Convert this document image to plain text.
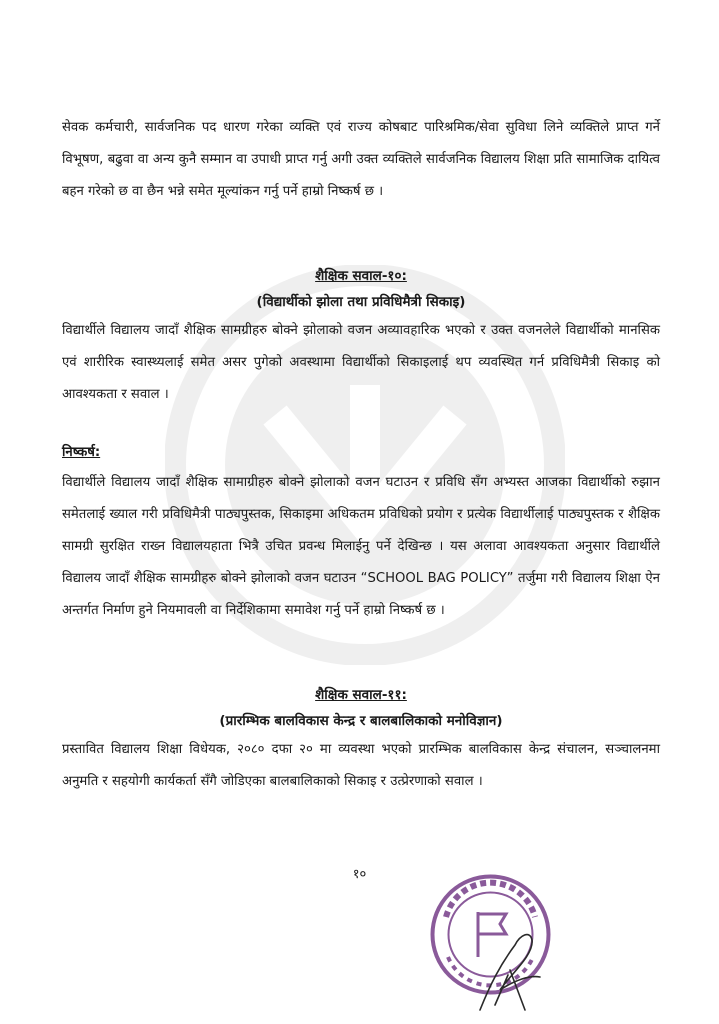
सेवक कर्मचारी, सार्वजनिक पद धारण गरेका व्यक्ति एवं राज्य कोषबाट पारिश्रमिक/सेवा सुविधा लिने व्यक्तिले प्राप्त गर्ने विभूषण, बढुवा वा अन्य कुनै सम्मान वा उपाधी प्राप्त गर्नु अगी उक्त व्यक्तिले सार्वजनिक विद्यालय शिक्षा प्रति सामाजिक दायित्व बहन गरेको छ वा छैन भन्ने समेत मूल्यांकन गर्नु पर्ने हाम्रो निष्कर्ष छ ।

शैक्षिक सवाल-१०:

(विद्यार्थीको झोला तथा प्रविधिमैत्री सिकाइ)

विद्यार्थीले विद्यालय जादाँ शैक्षिक सामग्रीहरु बोक्ने झोलाको वजन अव्यावहारिक भएको र उक्त वजनलेले विद्यार्थीको मानसिक एवं शारीरिक स्वास्थ्यलाई समेत असर पुगेको अवस्थामा विद्यार्थीको सिकाइलाई थप व्यवस्थित गर्न प्रविधिमैत्री सिकाइ को आवश्यकता र सवाल ।

निष्कर्ष:

विद्यार्थीले विद्यालय जादाँ शैक्षिक सामाग्रीहरु बोक्ने झोलाको वजन घटाउन र प्रविधि सँग अभ्यस्त आजका विद्यार्थीको रुझान समेतलाई ख्याल गरी प्रविधिमैत्री पाठ्यपुस्तक, सिकाइमा अधिकतम प्रविधिको प्रयोग र प्रत्येक विद्यार्थीलाई पाठ्यपुस्तक र शैक्षिक सामग्री सुरक्षित राख्न विद्यालयहाता भित्रै उचित प्रवन्ध मिलाईनु पर्ने देखिन्छ । यस अलावा आवश्यकता अनुसार विद्यार्थीले विद्यालय जादाँ शैक्षिक सामग्रीहरु बोक्ने झोलाको वजन घटाउन “SCHOOL BAG POLICY” तर्जुमा गरी विद्यालय शिक्षा ऐन अन्तर्गत निर्माण हुने नियमावली वा निर्देशिकामा समावेश गर्नु पर्ने हाम्रो निष्कर्ष छ ।

शैक्षिक सवाल-११:

(प्रारम्भिक बालविकास केन्द्र र बालबालिकाको मनोविज्ञान)

प्रस्तावित विद्यालय शिक्षा विधेयक, २०८० दफा २० मा व्यवस्था भएको प्रारम्भिक बालविकास केन्द्र संचालन, सञ्चालनमा अनुमति र सहयोगी कार्यकर्ता सँगै जोडिएका बालबालिकाको सिकाइ र उत्प्रेरणाको सवाल ।

१०
